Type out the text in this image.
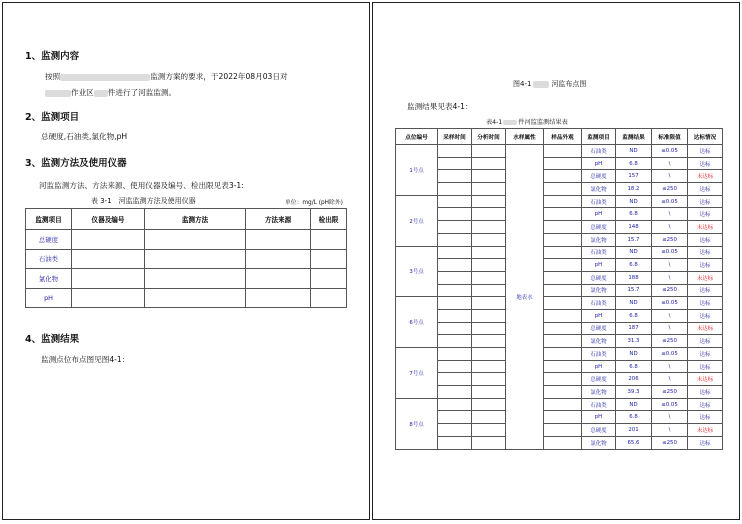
1、监测内容
按照	监测方案的要求，于2022年08月03日对
作业区 件进行了河监监测。
2、监测项目
总硬度,石油类,氯化物,pH
3、监测方法及使用仪器
河监监测方法、方法来源、使用仪器及编号、检出限见表3-1:
表 3-1　河监监测方法及使用仪器	单位：mg/L (pH除外)
监测项目	仪器及编号	监测方法	方法来源	检出限
总硬度				
石油类				
氯化物				
pH				
4、监测结果
监测点位布点图见图4-1：
图4-1	河监布点图
监测结果见表4-1：
表4-1	件河监监测结果表
点位编号	采样时间	分析时间	水样属性	样品外观	监测项目	监测结果	标准限值	达标情况
1号点			地表水		石油类	ND	≤0.05	达标
					pH	6.8	\	达标
					总硬度	157	\	未达标
					氯化物	18.2	≤250	达标
2号点					石油类	ND	≤0.05	达标
					pH	6.8	\	达标
					总硬度	148	\	未达标
					氯化物	15.7	≤250	达标
3号点					石油类	ND	≤0.05	达标
					pH	6.8	\	达标
					总硬度	188	\	未达标
					氯化物	15.7	≤250	达标
6号点					石油类	ND	≤0.05	达标
					pH	6.8	\	达标
					总硬度	187	\	未达标
					氯化物	31.3	≤250	达标
7号点					石油类	ND	≤0.05	达标
					pH	6.8	\	达标
					总硬度	206	\	未达标
					氯化物	39.3	≤250	达标
8号点					石油类	ND	≤0.05	达标
					pH	6.8	\	达标
					总硬度	201	\	未达标
					氯化物	65.6	≤250	达标
